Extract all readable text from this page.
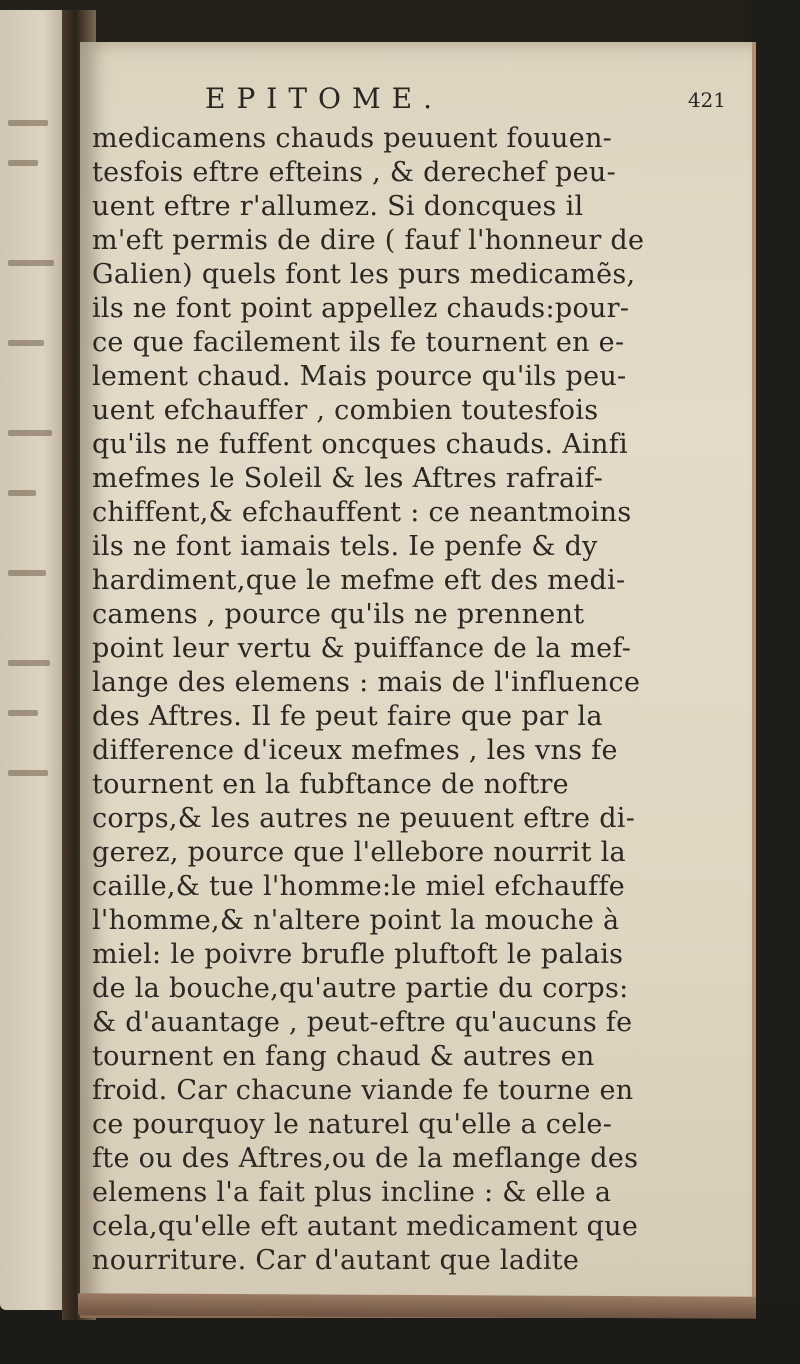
EPITOME.	421
medicamens chauds peuuent fouuen-
tesfois eftre efteins , & derechef peu-
uent eftre r'allumez. Si doncques il
m'eft permis de dire ( fauf l'honneur de
Galien) quels font les purs medicamẽs,
ils ne font point appellez chauds:pour-
ce que facilement ils fe tournent en e-
lement chaud. Mais pource qu'ils peu-
uent efchauffer , combien toutesfois
qu'ils ne fuffent oncques chauds. Ainfi
mefmes le Soleil & les Aftres rafraif-
chiffent,& efchauffent : ce neantmoins
ils ne font iamais tels. Ie penfe & dy
hardiment,que le mefme eft des medi-
camens , pource qu'ils ne prennent
point leur vertu & puiffance de la mef-
lange des elemens : mais de l'influence
des Aftres. Il fe peut faire que par la
difference d'iceux mefmes , les vns fe
tournent en la fubftance de noftre
corps,& les autres ne peuuent eftre di-
gerez, pource que l'ellebore nourrit la
caille,& tue l'homme:le miel efchauffe
l'homme,& n'altere point la mouche à
miel: le poivre brufle pluftoft le palais
de la bouche,qu'autre partie du corps:
& d'auantage , peut-eftre qu'aucuns fe
tournent en fang chaud & autres en
froid. Car chacune viande fe tourne en
ce pourquoy le naturel qu'elle a cele-
fte ou des Aftres,ou de la meflange des
elemens l'a fait plus incline : & elle a
cela,qu'elle eft autant medicament que
nourriture. Car d'autant que ladite
